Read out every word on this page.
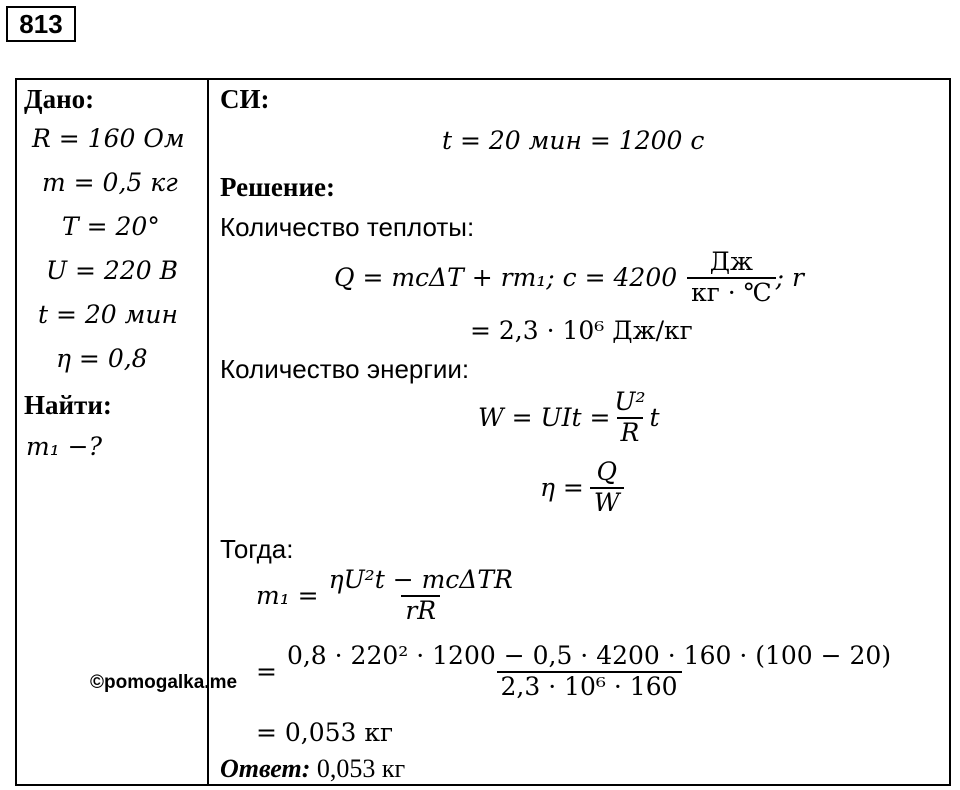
813
Дано:
R = 160 Ом
m = 0,5 кг
T = 20°
U = 220 В
t = 20 мин
η = 0,8
Найти:
m₁ −?
СИ:
t = 20 мин = 1200 с
Решение:
Количество теплоты:
Q = mcΔT + rm₁; $c = 4200 \frac{Дж}{кг \cdot ℃}$ ; r
= 2,3 · 10⁶ Дж/кг
Количество энергии:
W = UIt = $\frac{\text{U²}}{R}$ t
$\eta = \frac{Q}{W}$
Тогда:
$m_1 = \frac{\text{ηU²t − mcΔTR}}{rR}$
= $\frac{\text{0,8 · 220² · 1200 − 0,5 · 4200 · 160 · (100 − 20)}}{\text{2,3 · 10⁶ · 160}}$
= 0,053 кг
Ответ: 0,053 кг
©pomogalka.me
